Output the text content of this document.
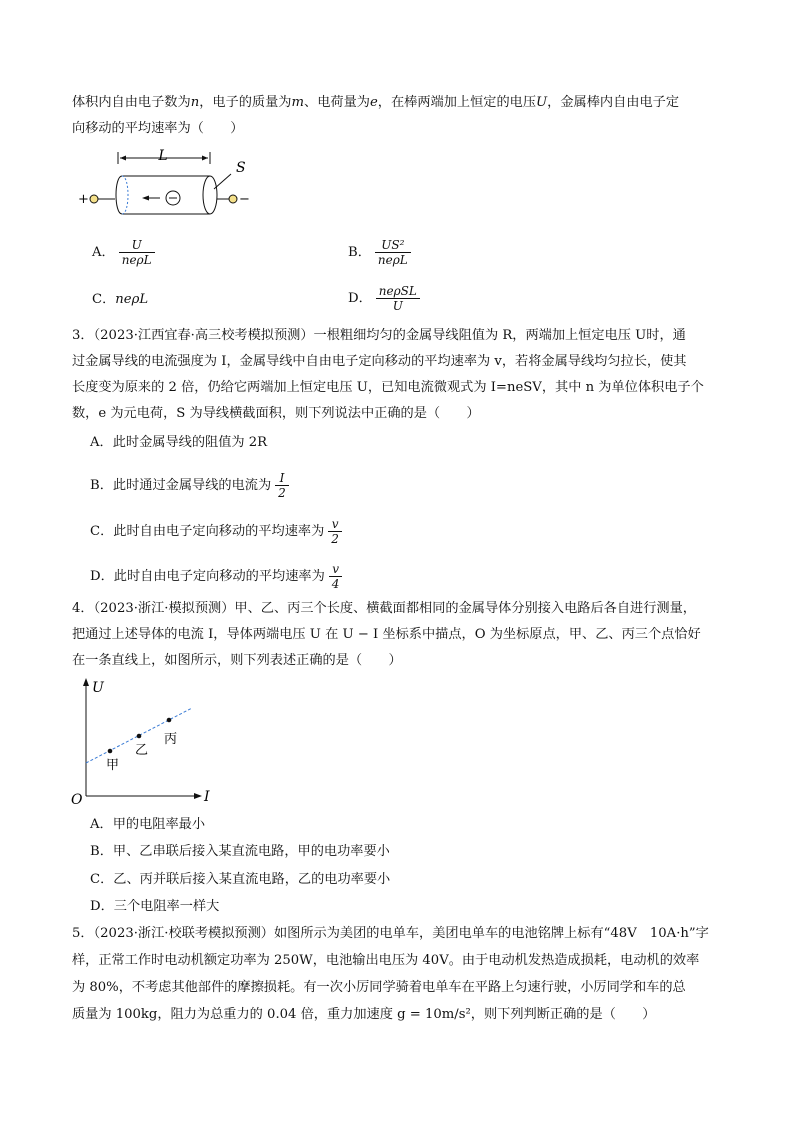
体积内自由电子数为n，电子的质量为m、电荷量为e，在棒两端加上恒定的电压U，金属棒内自由电子定
向移动的平均速率为（　　）
L
S
+	−
A． $\frac{U}{\text{neρL}}$	B． $\frac{\text{US²}}{\text{neρL}}$
C．neρL	D． $\frac{\text{neρSL}}{U}$
3．（2023·江西宜春·高三校考模拟预测）一根粗细均匀的金属导线阻值为 R，两端加上恒定电压 U时，通
过金属导线的电流强度为 I，金属导线中自由电子定向移动的平均速率为 v，若将金属导线均匀拉长，使其
长度变为原来的 2 倍，仍给它两端加上恒定电压 U，已知电流微观式为 I=neSV，其中 n 为单位体积电子个
数，e 为元电荷，S 为导线横截面积，则下列说法中正确的是（　　）
A．此时金属导线的阻值为 2R
B．此时通过金属导线的电流为 $\frac{I}{2}$
C．此时自由电子定向移动的平均速率为 $\frac{v}{2}$
D．此时自由电子定向移动的平均速率为 $\frac{v}{4}$
4．（2023·浙江·模拟预测）甲、乙、丙三个长度、横截面都相同的金属导体分别接入电路后各自进行测量，
把通过上述导体的电流 I，导体两端电压 U 在 U − I 坐标系中描点，O 为坐标原点，甲、乙、丙三个点恰好
在一条直线上，如图所示，则下列表述正确的是（　　）
U
I
O
甲
乙
丙
A．甲的电阻率最小
B．甲、乙串联后接入某直流电路，甲的电功率要小
C．乙、丙并联后接入某直流电路，乙的电功率要小
D．三个电阻率一样大
5．（2023·浙江·校联考模拟预测）如图所示为美团的电单车，美团电单车的电池铭牌上标有“48V　10A·h”字
样，正常工作时电动机额定功率为 250W，电池输出电压为 40V。由于电动机发热造成损耗，电动机的效率
为 80%，不考虑其他部件的摩擦损耗。有一次小厉同学骑着电单车在平路上匀速行驶，小厉同学和车的总
质量为 100kg，阻力为总重力的 0.04 倍，重力加速度 g = 10m/s²，则下列判断正确的是（　　）
